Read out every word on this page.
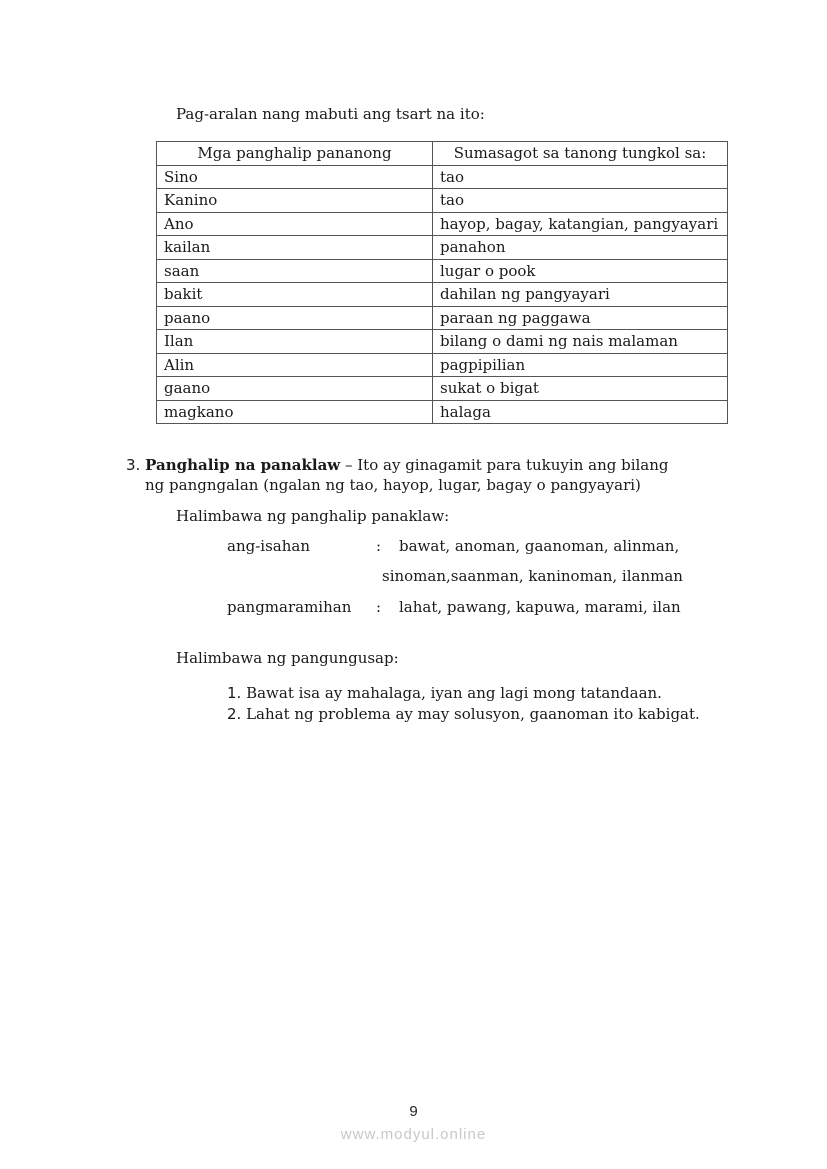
Pag-aralan nang mabuti ang tsart na ito:
Mga panghalip pananong	Sumasagot sa tanong tungkol sa:
Sino	tao
Kanino	tao
Ano	hayop, bagay, katangian, pangyayari
kailan	panahon
saan	lugar o pook
bakit	dahilan ng pangyayari
paano	paraan ng paggawa
Ilan	bilang o dami ng nais malaman
Alin	pagpipilian
gaano	sukat o bigat
magkano	halaga
3. Panghalip na panaklaw – Ito ay ginagamit para tukuyin ang bilang
ng pangngalan (ngalan ng tao, hayop, lugar, bagay o pangyayari)
Halimbawa ng panghalip panaklaw:
ang-isahan	: bawat, anoman, gaanoman, alinman,
sinoman,saanman, kaninoman, ilanman
pangmaramihan : lahat, pawang, kapuwa, marami, ilan
Halimbawa ng pangungusap:
1. Bawat isa ay mahalaga, iyan ang lagi mong tatandaan.
2. Lahat ng problema ay may solusyon, gaanoman ito kabigat.
9
www.modyul.online
